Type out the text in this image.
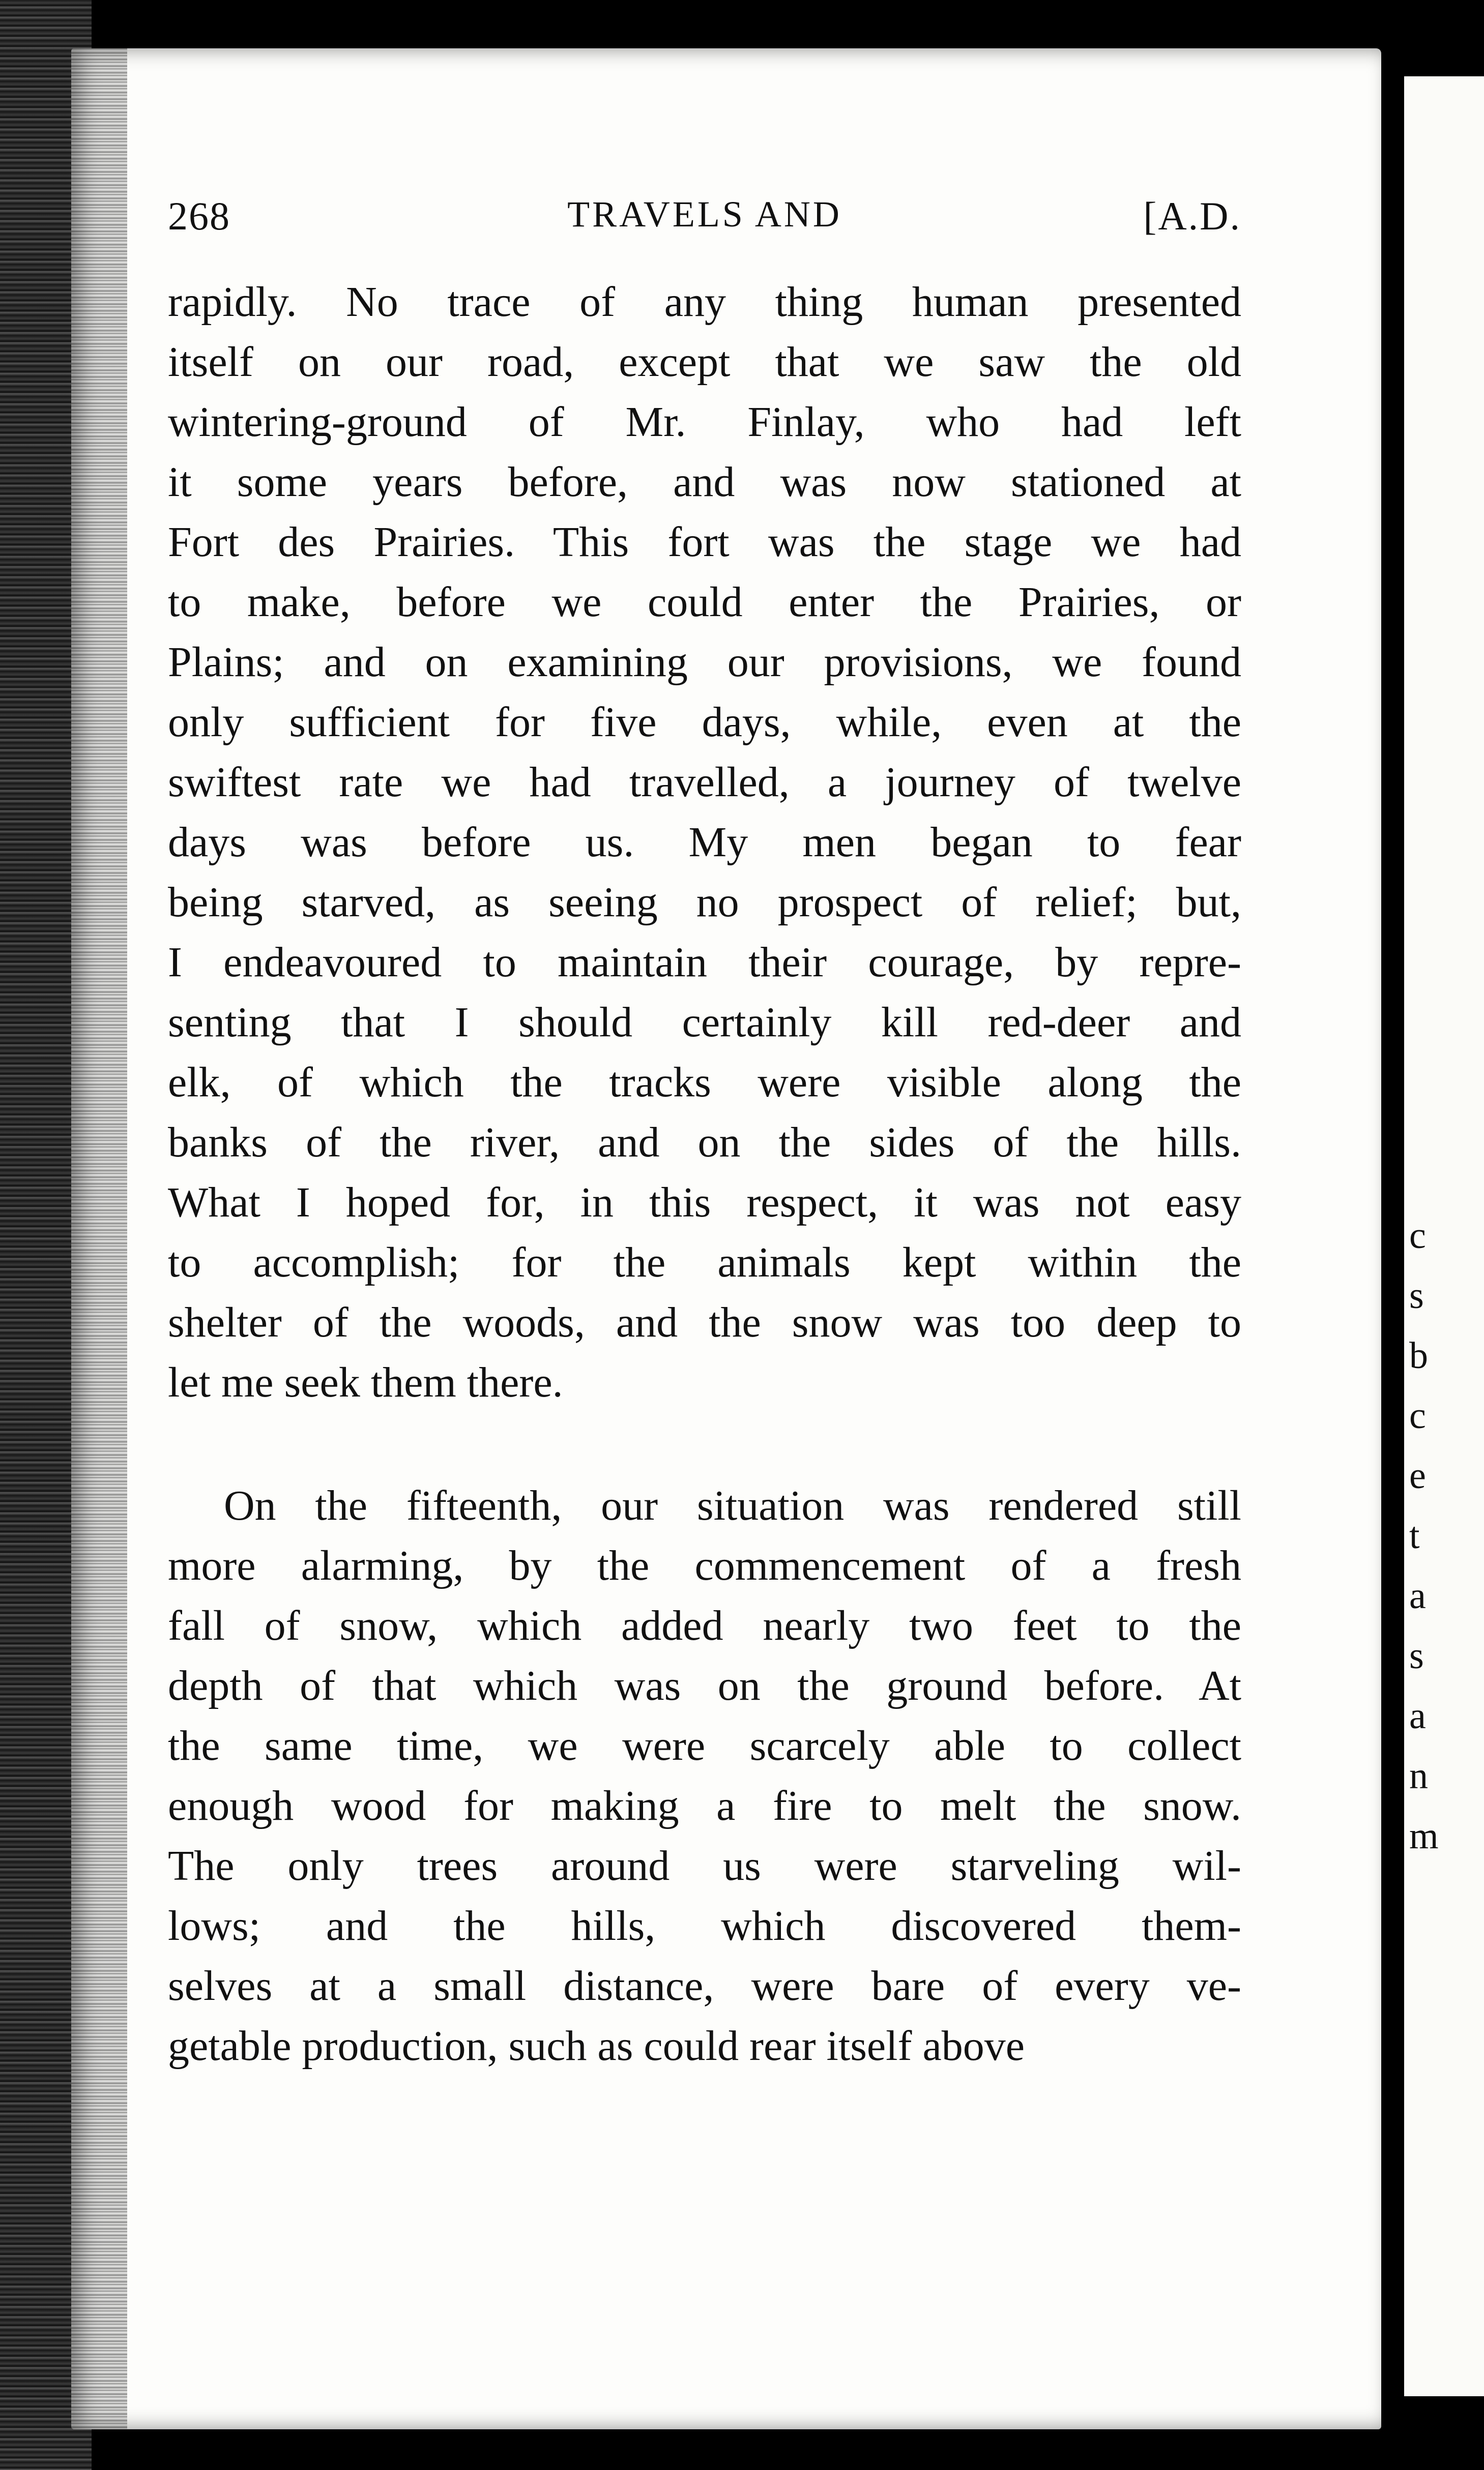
c
s
b
c
e
t
a
s
a
n
m
268	TRAVELS AND	[A.D.
rapidly. No trace of any thing human presented
itself on our road, except that we saw the old
wintering-ground of Mr. Finlay, who had left
it some years before, and was now stationed at
Fort des Prairies. This fort was the stage we had
to make, before we could enter the Prairies, or
Plains; and on examining our provisions, we found
only sufficient for five days, while, even at the
swiftest rate we had travelled, a journey of twelve
days was before us. My men began to fear
being starved, as seeing no prospect of relief; but,
I endeavoured to maintain their courage, by repre-
senting that I should certainly kill red-deer and
elk, of which the tracks were visible along the
banks of the river, and on the sides of the hills.
What I hoped for, in this respect, it was not easy
to accomplish; for the animals kept within the
shelter of the woods, and the snow was too deep to
let me seek them there.
On the fifteenth, our situation was rendered still
more alarming, by the commencement of a fresh
fall of snow, which added nearly two feet to the
depth of that which was on the ground before. At
the same time, we were scarcely able to collect
enough wood for making a fire to melt the snow.
The only trees around us were starveling wil-
lows; and the hills, which discovered them-
selves at a small distance, were bare of every ve-
getable production, such as could rear itself above
